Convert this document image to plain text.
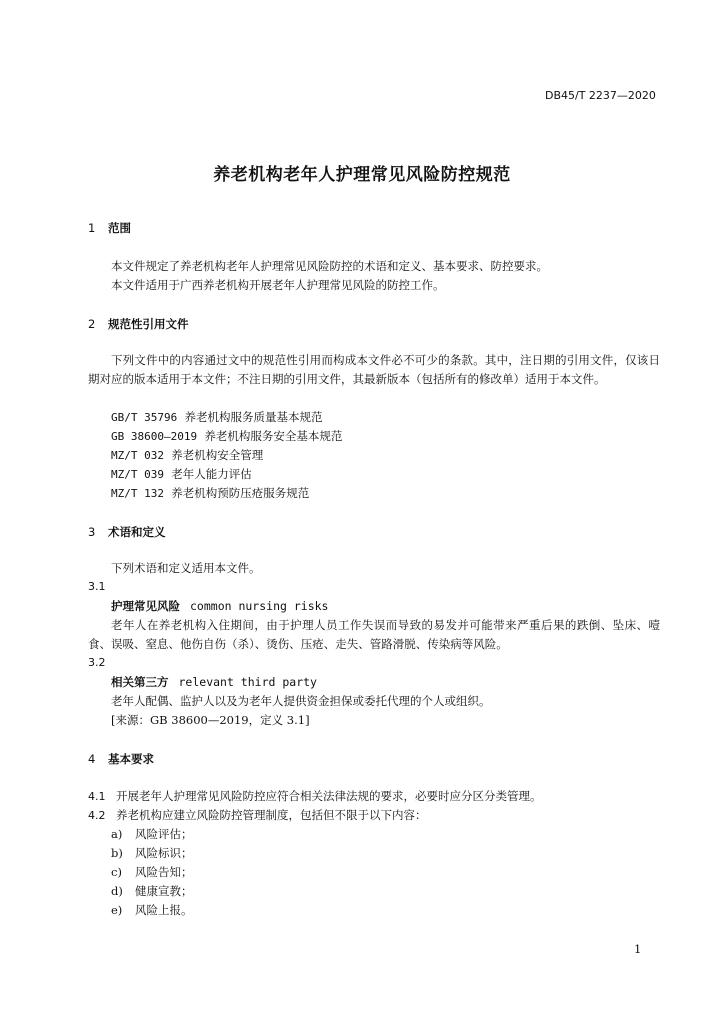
DB45/T 2237—2020
养老机构老年人护理常见风险防控规范
1 范围
本文件规定了养老机构老年人护理常见风险防控的术语和定义、基本要求、防控要求。
本文件适用于广西养老机构开展老年人护理常见风险的防控工作。
2 规范性引用文件
下列文件中的内容通过文中的规范性引用而构成本文件必不可少的条款。其中，注日期的引用文件，仅该日期对应的版本适用于本文件；不注日期的引用文件，其最新版本（包括所有的修改单）适用于本文件。
GB/T 35796 养老机构服务质量基本规范
GB 38600—2019 养老机构服务安全基本规范
MZ/T 032 养老机构安全管理
MZ/T 039 老年人能力评估
MZ/T 132 养老机构预防压疮服务规范
3 术语和定义
下列术语和定义适用本文件。
3.1
护理常见风险 common nursing risks
老年人在养老机构入住期间，由于护理人员工作失误而导致的易发并可能带来严重后果的跌倒、坠床、噎食、误吸、窒息、他伤自伤（杀）、烫伤、压疮、走失、管路滑脱、传染病等风险。
3.2
相关第三方 relevant third party
老年人配偶、监护人以及为老年人提供资金担保或委托代理的个人或组织。
[来源：GB 38600—2019，定义 3.1]
4 基本要求
4.1 开展老年人护理常见风险防控应符合相关法律法规的要求，必要时应分区分类管理。
4.2 养老机构应建立风险防控管理制度，包括但不限于以下内容：
a) 风险评估；
b) 风险标识；
c) 风险告知；
d) 健康宣教；
e) 风险上报。
1
